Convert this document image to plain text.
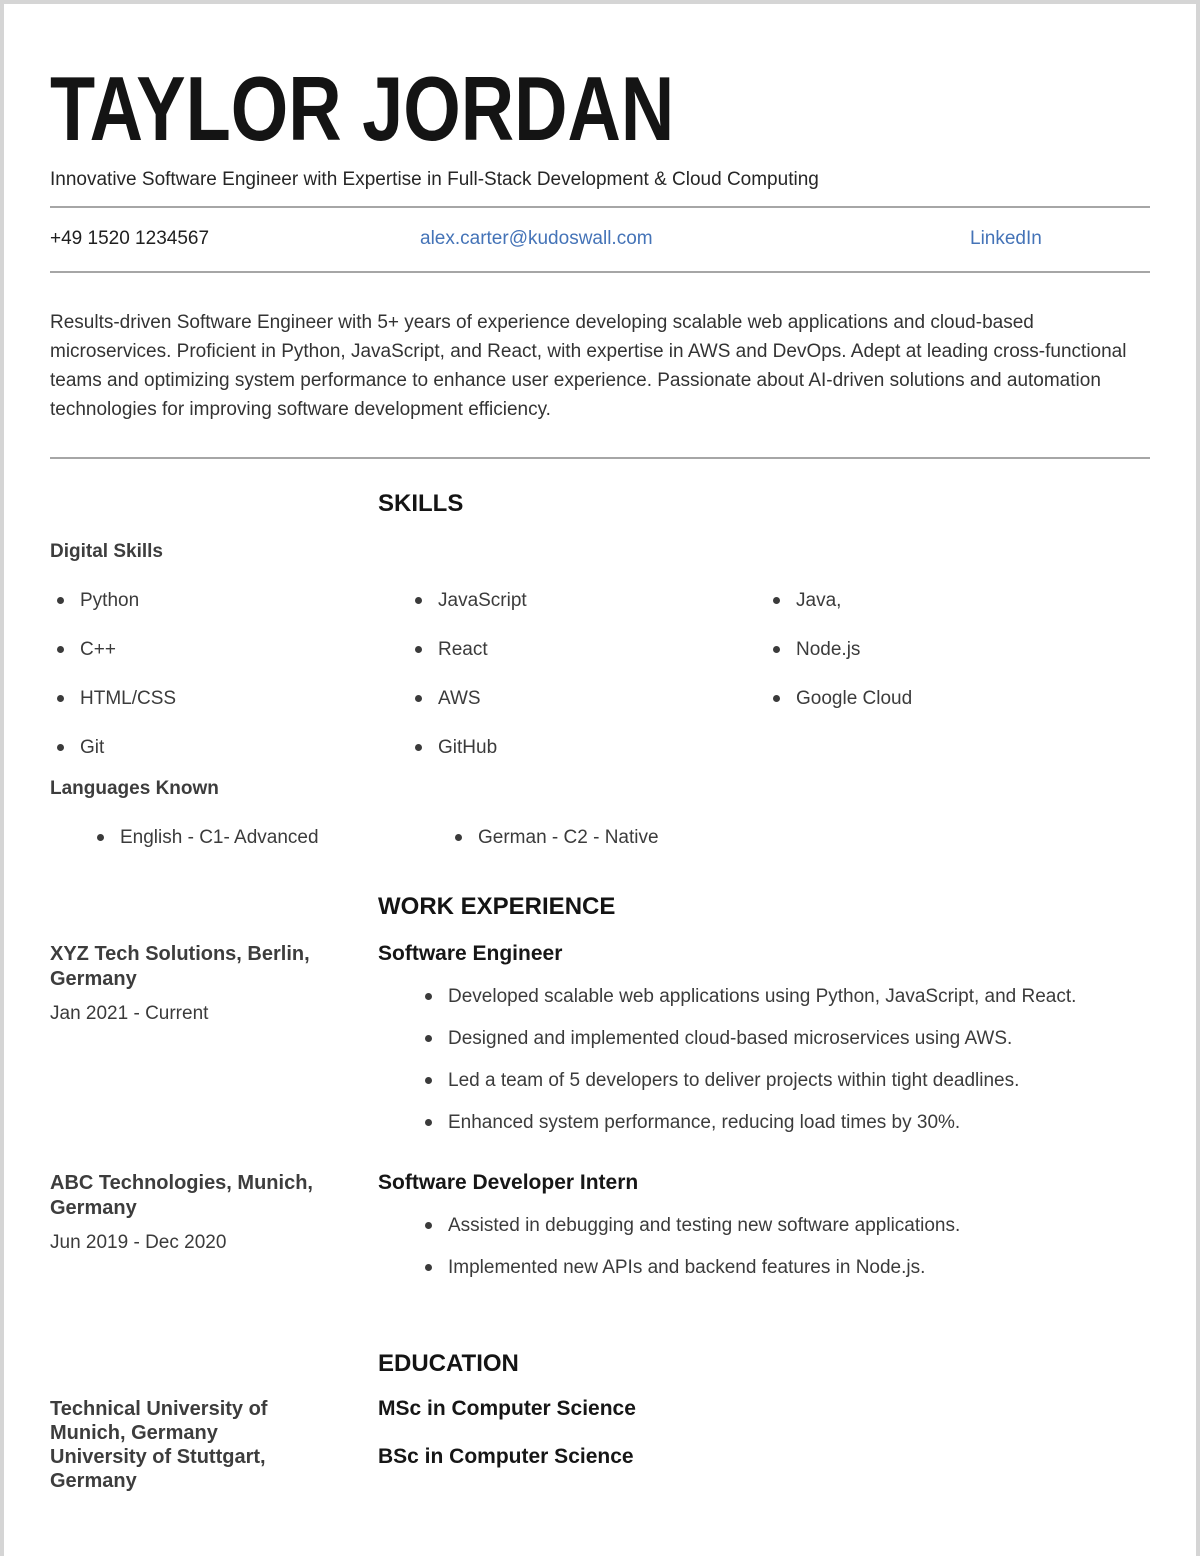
TAYLOR JORDAN
Innovative Software Engineer with Expertise in Full-Stack Development & Cloud Computing
+49 1520 1234567	alex.carter@kudoswall.com	LinkedIn

Results-driven Software Engineer with 5+ years of experience developing scalable web applications and cloud-based microservices. Proficient in Python, JavaScript, and React, with expertise in AWS and DevOps. Adept at leading cross-functional teams and optimizing system performance to enhance user experience. Passionate about AI-driven solutions and automation technologies for improving software development efficiency.

SKILLS
Digital Skills
Python
C++
HTML/CSS
Git
JavaScript
React
AWS
GitHub
Java,
Node.js
Google Cloud
Languages Known
English - C1- Advanced	German - C2 - Native
WORK EXPERIENCE
XYZ Tech Solutions, Berlin, Germany
Jan 2021 - Current
Software Engineer
Developed scalable web applications using Python, JavaScript, and React.
Designed and implemented cloud-based microservices using AWS.
Led a team of 5 developers to deliver projects within tight deadlines.
Enhanced system performance, reducing load times by 30%.
ABC Technologies, Munich, Germany
Jun 2019 - Dec 2020
Software Developer Intern
Assisted in debugging and testing new software applications.
Implemented new APIs and backend features in Node.js.
EDUCATION
Technical University of Munich, Germany
MSc in Computer Science
University of Stuttgart, Germany
BSc in Computer Science
